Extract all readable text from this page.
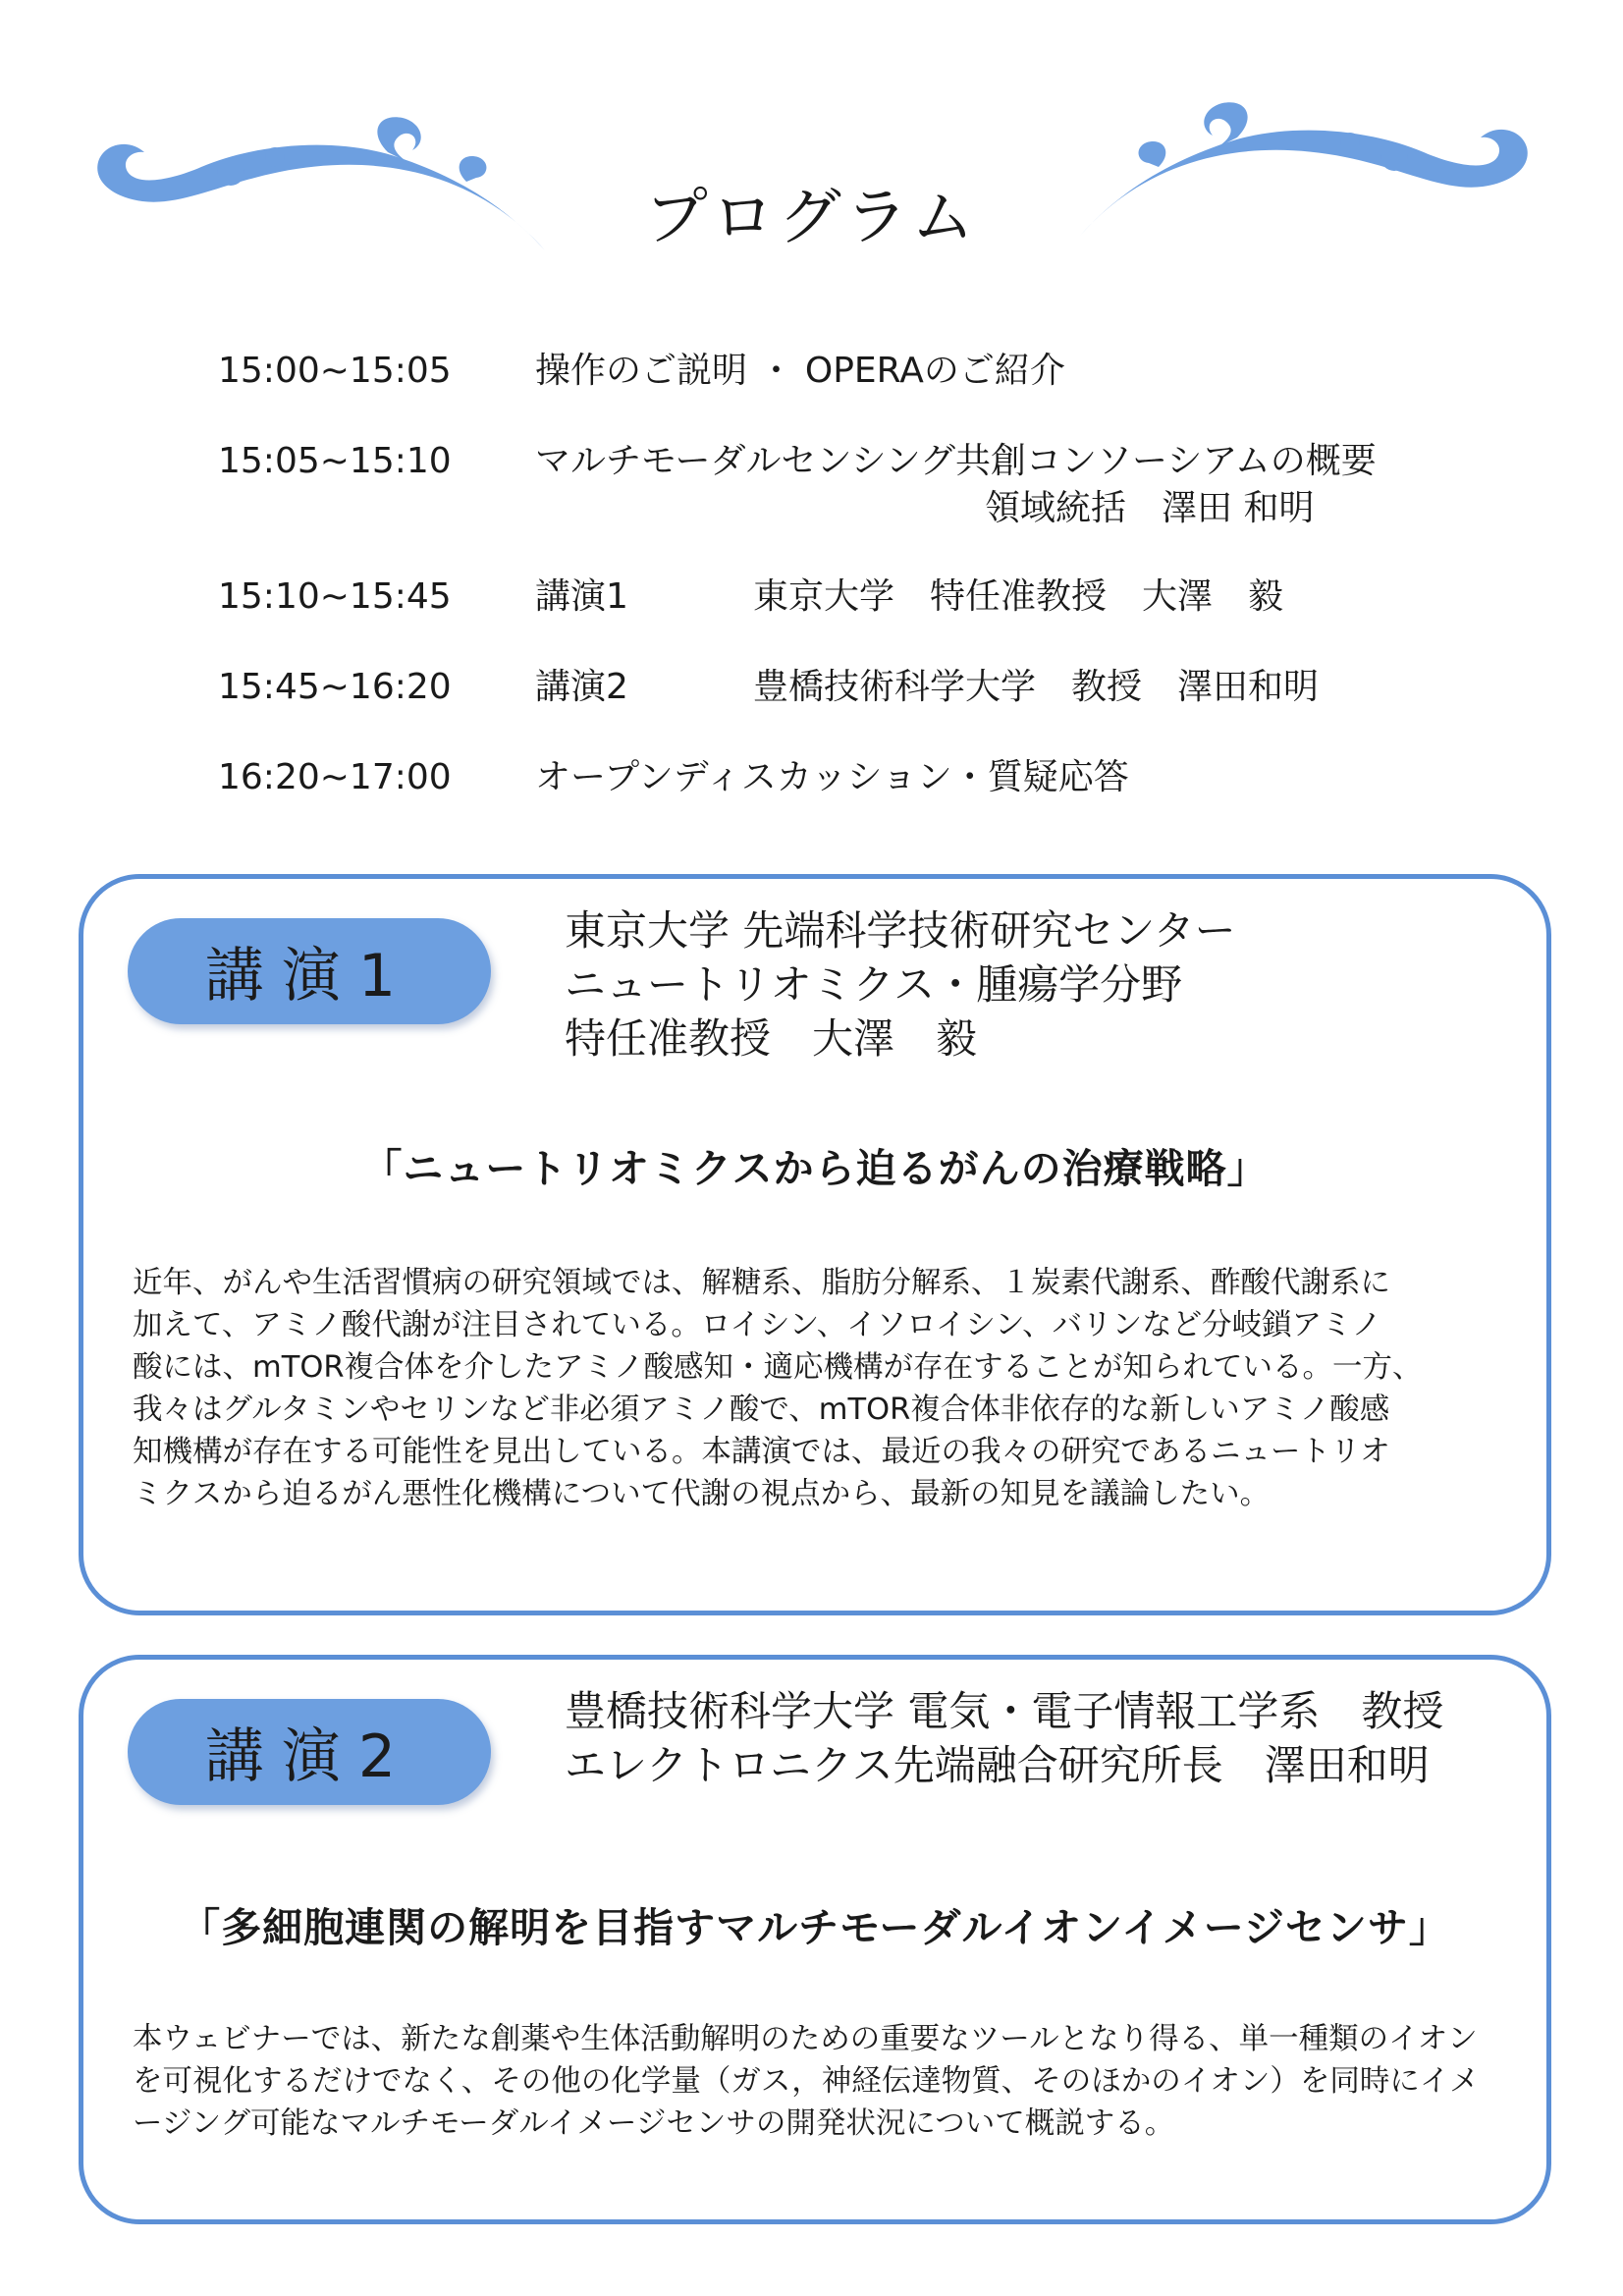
プログラム
15:00~15:05 操作のご説明 ・ OPERAのご紹介
15:05~15:10 マルチモーダルセンシング共創コンソーシアムの概要
領域統括　澤田 和明
15:10~15:45 講演1	東京大学　特任准教授　大澤　毅
15:45~16:20 講演2	豊橋技術科学大学　教授　澤田和明
16:20~17:00 オープンディスカッション・質疑応答
講演1
東京大学 先端科学技術研究センター
ニュートリオミクス・腫瘍学分野
特任准教授　大澤　毅
「ニュートリオミクスから迫るがんの治療戦略」
近年、がんや生活習慣病の研究領域では、解糖系、脂肪分解系、１炭素代謝系、酢酸代謝系に
加えて、アミノ酸代謝が注目されている。ロイシン、イソロイシン、バリンなど分岐鎖アミノ
酸には、mTOR複合体を介したアミノ酸感知・適応機構が存在することが知られている。一方、
我々はグルタミンやセリンなど非必須アミノ酸で、mTOR複合体非依存的な新しいアミノ酸感
知機構が存在する可能性を見出している。本講演では、最近の我々の研究であるニュートリオ
ミクスから迫るがん悪性化機構について代謝の視点から、最新の知見を議論したい。
講演2
豊橋技術科学大学 電気・電子情報工学系　教授
エレクトロニクス先端融合研究所長　澤田和明
「多細胞連関の解明を目指すマルチモーダルイオンイメージセンサ」
本ウェビナーでは、新たな創薬や生体活動解明のための重要なツールとなり得る、単一種類のイオン
を可視化するだけでなく、その他の化学量（ガス，神経伝達物質、そのほかのイオン）を同時にイメ
ージング可能なマルチモーダルイメージセンサの開発状況について概説する。
